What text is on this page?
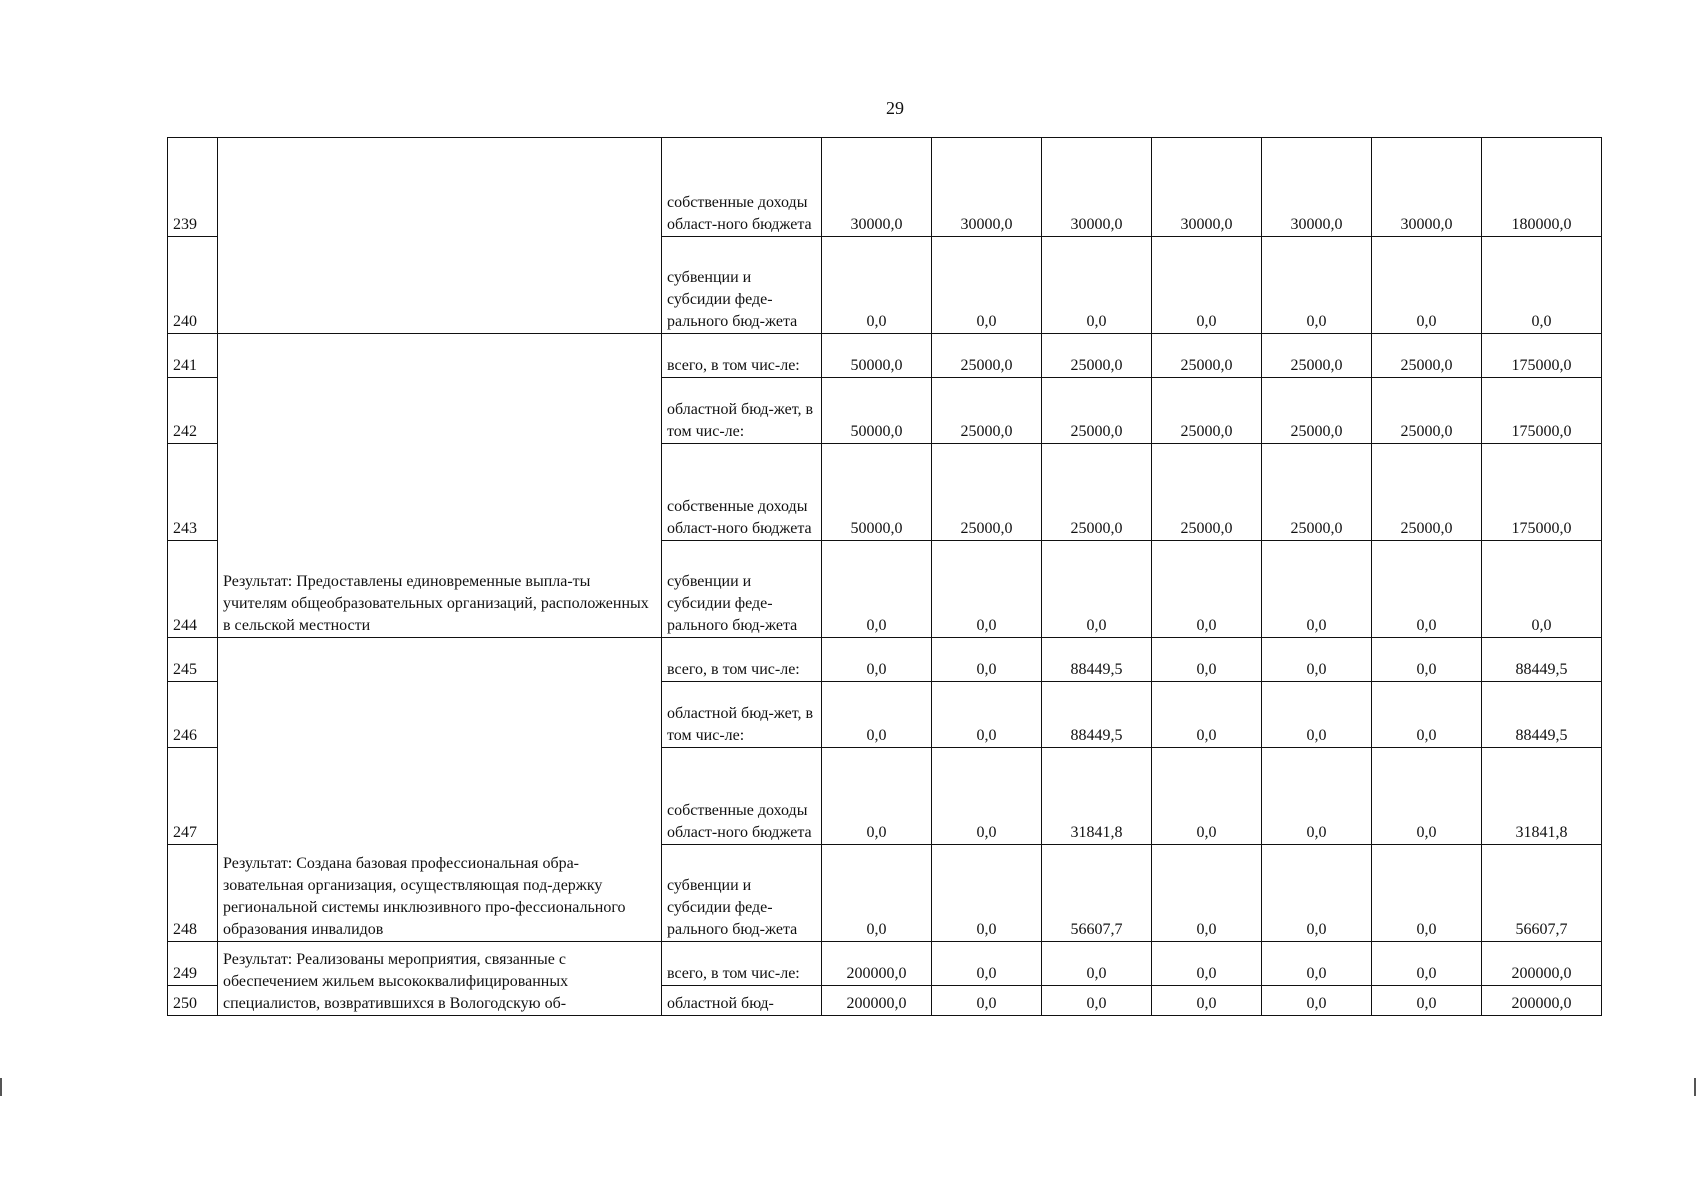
29
239		собственные доходы област-ного бюджета	30000,0	30000,0	30000,0	30000,0	30000,0	30000,0	180000,0
240		субвенции и субсидии феде-рального бюд-жета	0,0	0,0	0,0	0,0	0,0	0,0	0,0
241	Результат: Предоставлены единовременные выпла-ты учителям общеобразовательных организаций, расположенных в сельской местности	всего, в том чис-ле:	50000,0	25000,0	25000,0	25000,0	25000,0	25000,0	175000,0
242		областной бюд-жет, в том чис-ле:	50000,0	25000,0	25000,0	25000,0	25000,0	25000,0	175000,0
243		собственные доходы област-ного бюджета	50000,0	25000,0	25000,0	25000,0	25000,0	25000,0	175000,0
244		субвенции и субсидии феде-рального бюд-жета	0,0	0,0	0,0	0,0	0,0	0,0	0,0
245	Результат: Создана базовая профессиональная обра-зовательная организация, осуществляющая под-держку региональной системы инклюзивного про-фессионального образования инвалидов	всего, в том чис-ле:	0,0	0,0	88449,5	0,0	0,0	0,0	88449,5
246		областной бюд-жет, в том чис-ле:	0,0	0,0	88449,5	0,0	0,0	0,0	88449,5
247		собственные доходы област-ного бюджета	0,0	0,0	31841,8	0,0	0,0	0,0	31841,8
248		субвенции и субсидии феде-рального бюд-жета	0,0	0,0	56607,7	0,0	0,0	0,0	56607,7
249	Результат: Реализованы мероприятия, связанные с обеспечением жильем высококвалифицированных специалистов, возвратившихся в Вологодскую об-	всего, в том чис-ле:	200000,0	0,0	0,0	0,0	0,0	0,0	200000,0
250		областной бюд-	200000,0	0,0	0,0	0,0	0,0	0,0	200000,0
